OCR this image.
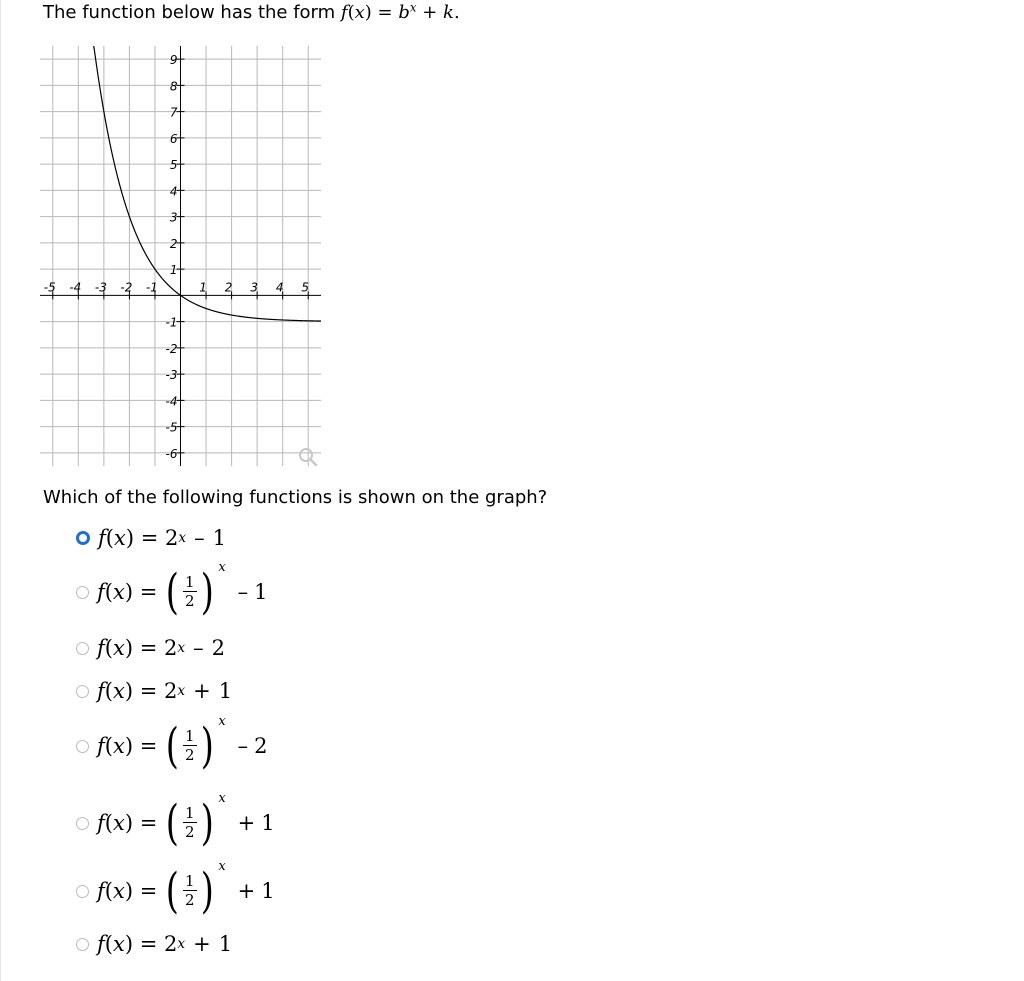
The function below has the form $f(x) = b^x + k$.
-5 -4 -3 -2 -1	1 2 3 4 5
9
8
7
6
5
4
3
2
1
-1
-2
-3
-4
-5
-6
Which of the following functions is shown on the graph?
f(x) =
2 x – 1
f(x) = ( $\frac{1}{2}$ ) x
– 1
f(x) =
2 x – 2
f(x) =
2 x + 1
f(x) = ( $\frac{1}{2}$ ) x
– 2
f(x) = ( $\frac{1}{2}$ ) x
+ 1
f(x) = ( $\frac{1}{2}$ ) x
+ 1
f(x) =
2 x + 1
